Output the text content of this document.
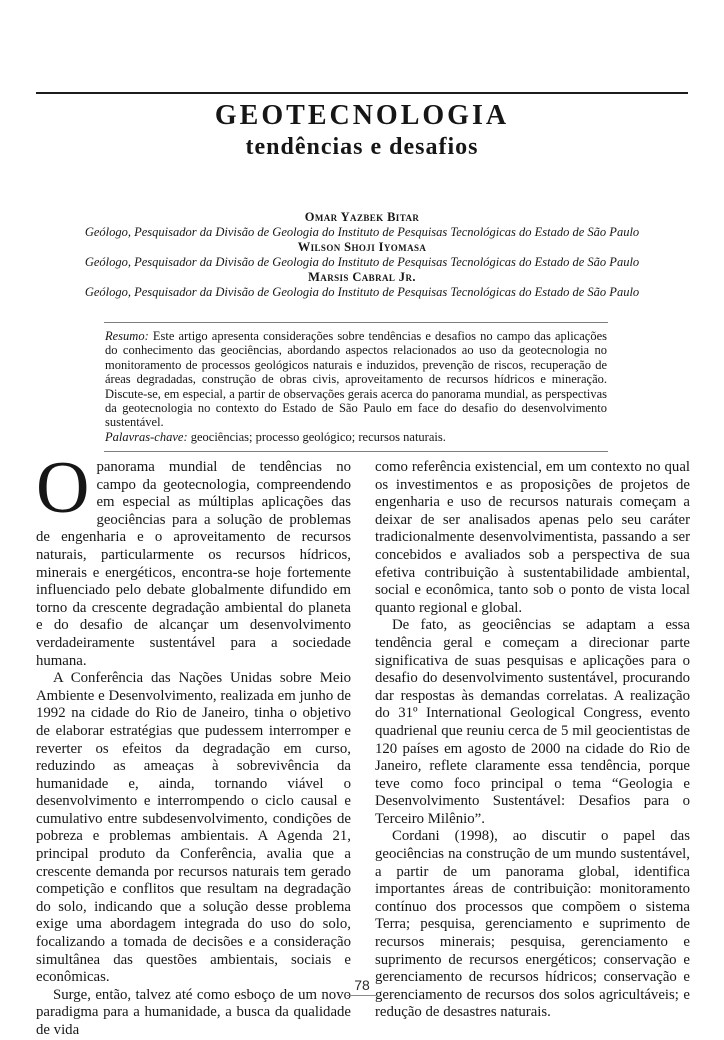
GEOTECNOLOGIA
tendências e desafios
Omar Yazbek Bitar
Geólogo, Pesquisador da Divisão de Geologia do Instituto de Pesquisas Tecnológicas do Estado de São Paulo
Wilson Shoji Iyomasa
Geólogo, Pesquisador da Divisão de Geologia do Instituto de Pesquisas Tecnológicas do Estado de São Paulo
Marsis Cabral Jr.
Geólogo, Pesquisador da Divisão de Geologia do Instituto de Pesquisas Tecnológicas do Estado de São Paulo

Resumo: Este artigo apresenta considerações sobre tendências e desafios no campo das aplicações do conhecimento das geociências, abordando aspectos relacionados ao uso da geotecnologia no monitoramento de processos geológicos naturais e induzidos, prevenção de riscos, recuperação de áreas degradadas, construção de obras civis, aproveitamento de recursos hídricos e mineração. Discute-se, em especial, a partir de observações gerais acerca do panorama mundial, as perspectivas da geotecnologia no contexto do Estado de São Paulo em face do desafio do desenvolvimento sustentável.

Palavras-chave: geociências; processo geológico; recursos naturais.

Opanorama mundial de tendências no campo da geotecnologia, compreendendo em especial as múltiplas aplicações das geociências para a solução de problemas de engenharia e o aproveitamento de recursos naturais, particularmente os recursos hídricos, minerais e energéticos, encontra-se hoje fortemente influenciado pelo debate globalmente difundido em torno da crescente degradação ambiental do planeta e do desafio de alcançar um desenvolvimento verdadeiramente sustentável para a sociedade humana.

A Conferência das Nações Unidas sobre Meio Ambiente e Desenvolvimento, realizada em junho de 1992 na cidade do Rio de Janeiro, tinha o objetivo de elaborar estratégias que pudessem interromper e reverter os efeitos da degradação em curso, reduzindo as ameaças à sobrevivência da humanidade e, ainda, tornando viável o desenvolvimento e interrompendo o ciclo causal e cumulativo entre subdesenvolvimento, condições de pobreza e problemas ambientais. A Agenda 21, principal produto da Conferência, avalia que a crescente demanda por recursos naturais tem gerado competição e conflitos que resultam na degradação do solo, indicando que a solução desse problema exige uma abordagem integrada do uso do solo, focalizando a tomada de decisões e a consideração simultânea das questões ambientais, sociais e econômicas.

Surge, então, talvez até como esboço de um novo paradigma para a humanidade, a busca da qualidade de vida

como referência existencial, em um contexto no qual os investimentos e as proposições de projetos de engenharia e uso de recursos naturais começam a deixar de ser analisados apenas pelo seu caráter tradicionalmente desenvolvimentista, passando a ser concebidos e avaliados sob a perspectiva de sua efetiva contribuição à sustentabilidade ambiental, social e econômica, tanto sob o ponto de vista local quanto regional e global.

De fato, as geociências se adaptam a essa tendência geral e começam a direcionar parte significativa de suas pesquisas e aplicações para o desafio do desenvolvimento sustentável, procurando dar respostas às demandas correlatas. A realização do 31º International Geological Congress, evento quadrienal que reuniu cerca de 5 mil geocientistas de 120 países em agosto de 2000 na cidade do Rio de Janeiro, reflete claramente essa tendência, porque teve como foco principal o tema “Geologia e Desenvolvimento Sustentável: Desafios para o Terceiro Milênio”.

Cordani (1998), ao discutir o papel das geociências na construção de um mundo sustentável, a partir de um panorama global, identifica importantes áreas de contribuição: monitoramento contínuo dos processos que compõem o sistema Terra; pesquisa, gerenciamento e suprimento de recursos minerais; pesquisa, gerenciamento e suprimento de recursos energéticos; conservação e gerenciamento de recursos hídricos; conservação e gerenciamento de recursos dos solos agricultáveis; e redução de desastres naturais.

78
